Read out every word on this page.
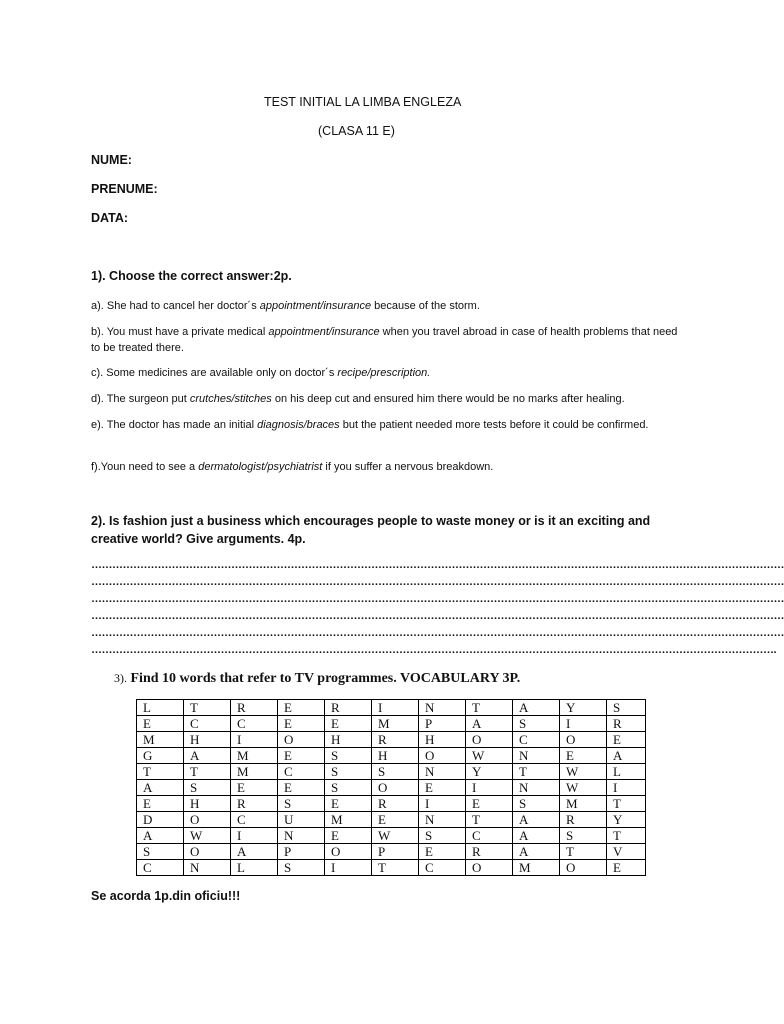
TEST INITIAL LA LIMBA ENGLEZA
(CLASA 11 E)
NUME:
PRENUME:
DATA:
1). Choose the correct answer:2p.
a). She had to cancel her doctor´s appointment/insurance because of the storm.
b). You must have a private medical appointment/insurance when you travel abroad in case of health problems that need to be treated there.
c). Some medicines are available only on doctor´s recipe/prescription.
d). The surgeon put crutches/stitches on his deep cut and ensured him there would be no marks after healing.
e). The doctor has made an initial diagnosis/braces but the patient needed more tests before it could be confirmed.
f).Youn need to see a dermatologist/psychiatrist if you suffer a nervous breakdown.
2). Is fashion just a business which encourages people to waste money or is it an exciting and creative world? Give arguments. 4p.
………………………………………………………………………………………………………………………………………………………………………………
………………………………………………………………………………………………………………………………………………………………………………
………………………………………………………………………………………………………………………………………………………………………………
………………………………………………………………………………………………………………………………………………………………………………
………………………………………………………………………………………………………………………………………………………………………………
…………………………………………………………………………………………………………………………………………………………………………….
3). Find 10 words that refer to TV programmes. VOCABULARY 3P.
L	T	R	E	R	I	N	T	A	Y	S
E	C	C	E	E	M	P	A	S	I	R
M	H	I	O	H	R	H	O	C	O	E
G	A	M	E	S	H	O	W	N	E	A
T	T	M	C	S	S	N	Y	T	W	L
A	S	E	E	S	O	E	I	N	W	I
E	H	R	S	E	R	I	E	S	M	T
D	O	C	U	M	E	N	T	A	R	Y
A	W	I	N	E	W	S	C	A	S	T
S	O	A	P	O	P	E	R	A	T	V
C	N	L	S	I	T	C	O	M	O	E
Se acorda 1p.din oficiu!!!
